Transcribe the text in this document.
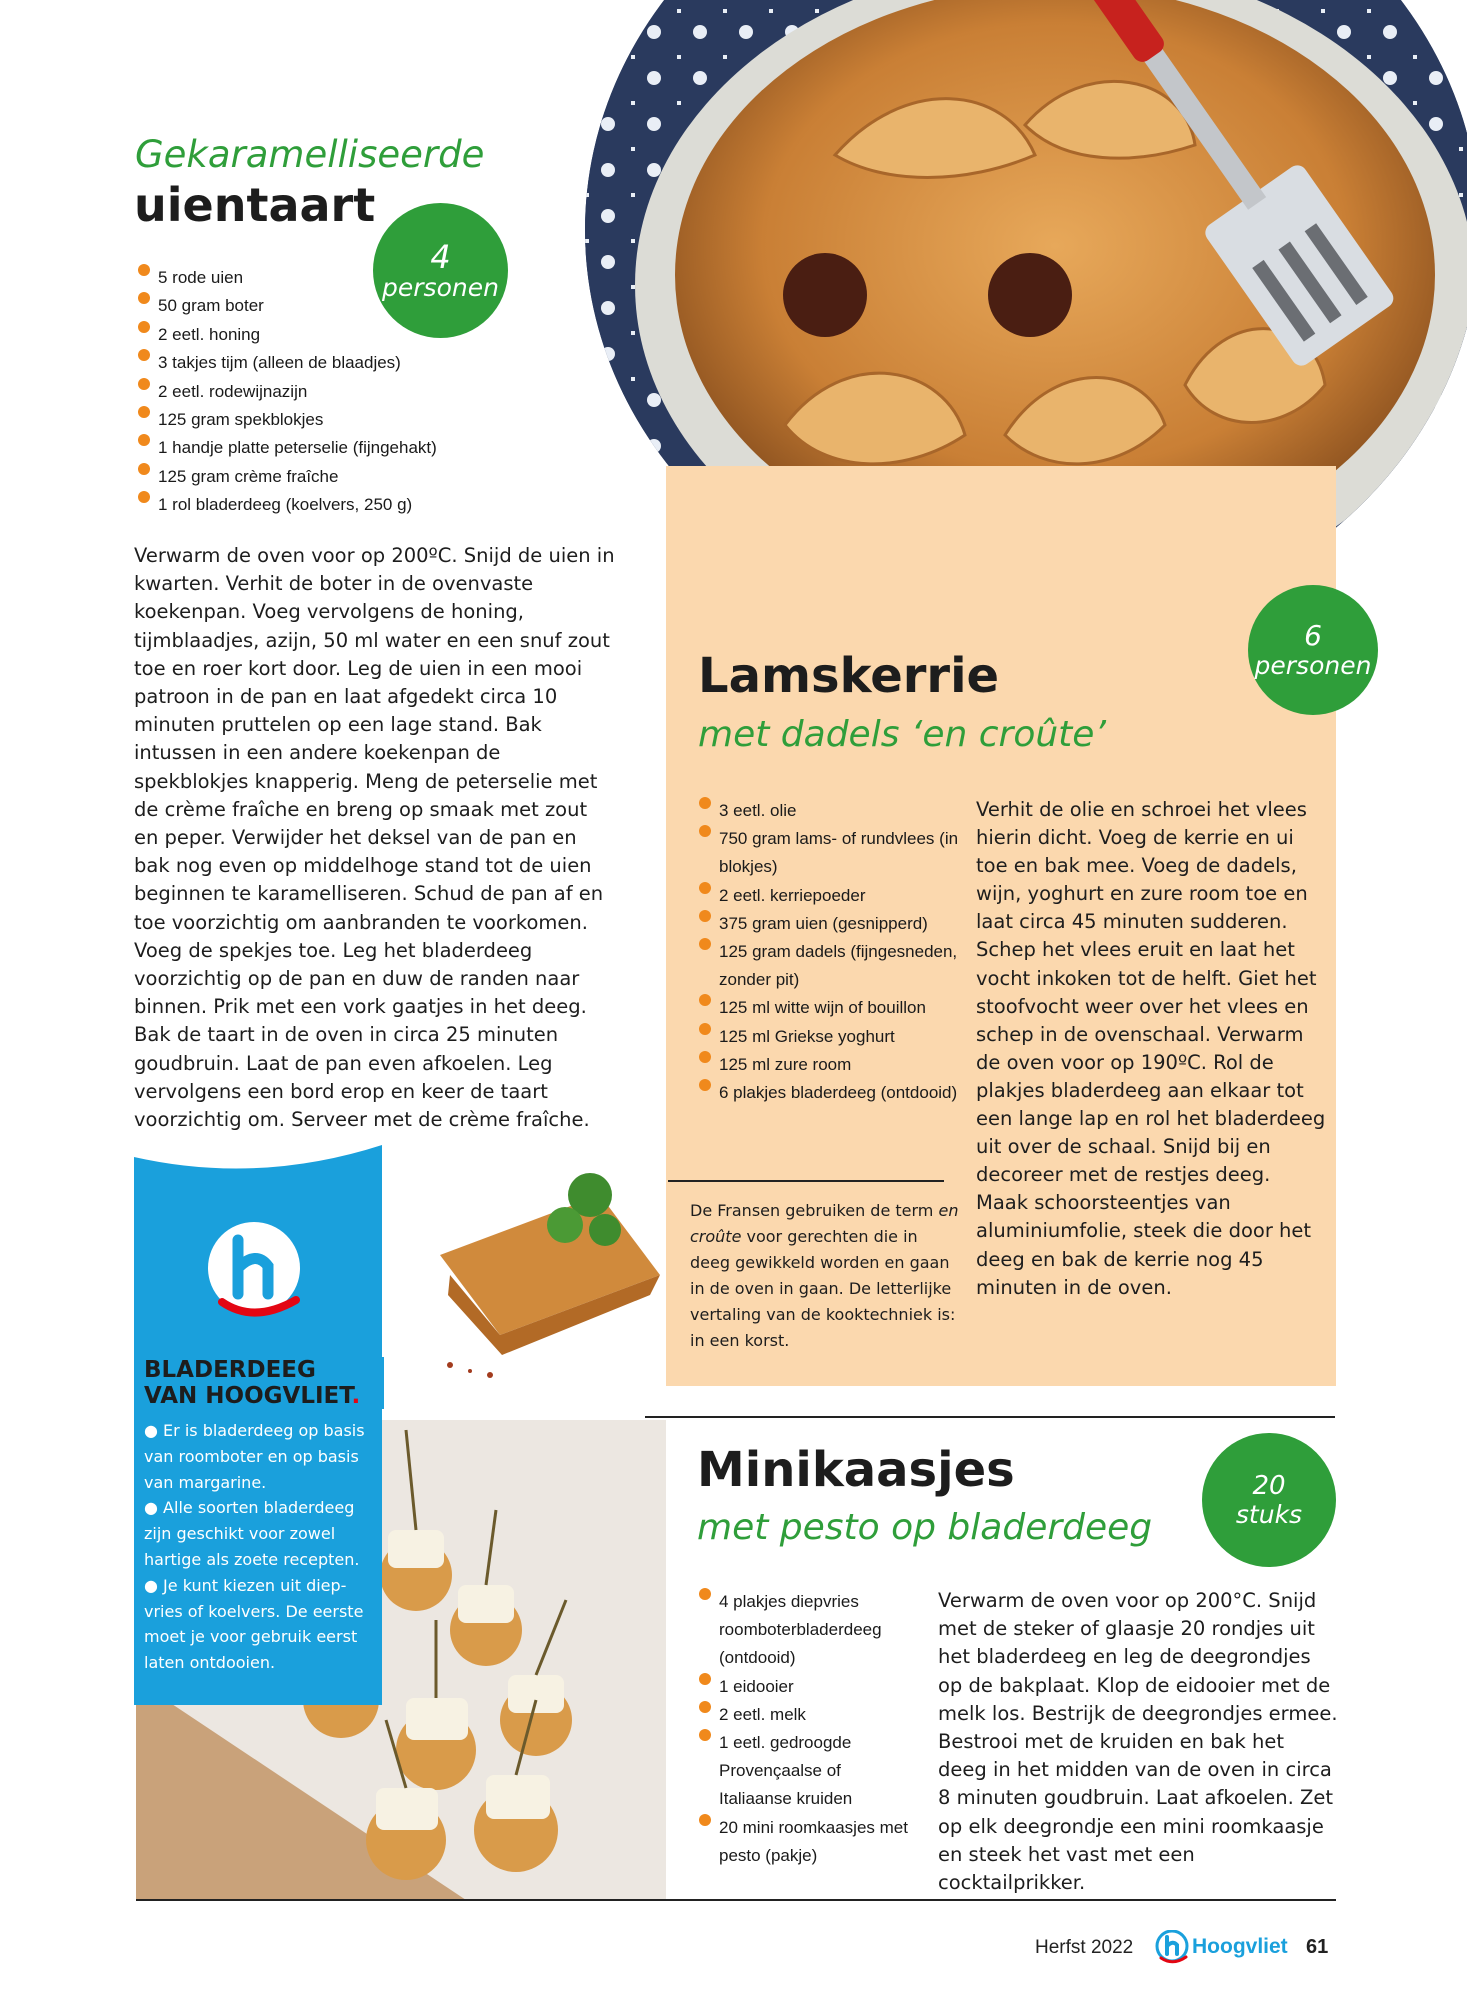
Gekaramelliseerde
uientaart
4
personen
5 rode uien
50 gram boter
2 eetl. honing
3 takjes tijm (alleen de blaadjes)
2 eetl. rodewijnazijn
125 gram spekblokjes
1 handje platte peterselie (fijngehakt)
125 gram crème fraîche
1 rol bladerdeeg (koelvers, 250 g)
Verwarm de oven voor op 200ºC. Snijd de uien in kwarten. Verhit de boter in de ovenvaste koekenpan. Voeg vervolgens de honing, tijmblaadjes, azijn, 50 ml water en een snuf zout toe en roer kort door. Leg de uien in een mooi patroon in de pan en laat afgedekt circa 10 minuten pruttelen op een lage stand. Bak intussen in een andere koekenpan de spekblokjes knapperig. Meng de peterselie met de crème fraîche en breng op smaak met zout en peper. Verwijder het deksel van de pan en bak nog even op middelhoge stand tot de uien beginnen te karamelliseren. Schud de pan af en toe voorzichtig om aanbranden te voorkomen. Voeg de spekjes toe. Leg het bladerdeeg voorzichtig op de pan en duw de randen naar binnen. Prik met een vork gaatjes in het deeg. Bak de taart in de oven in circa 25 minuten goudbruin. Laat de pan even afkoelen. Leg vervolgens een bord erop en keer de taart voorzichtig om. Serveer met de crème fraîche.
Lamskerrie
met dadels ‘en croûte’
6
personen
3 eetl. olie
750 gram lams- of rundvlees (in blokjes)
2 eetl. kerriepoeder
375 gram uien (gesnipperd)
125 gram dadels (fijngesneden, zonder pit)
125 ml witte wijn of bouillon
125 ml Griekse yoghurt
125 ml zure room
6 plakjes bladerdeeg (ontdooid)
De Fransen gebruiken de term en croûte voor gerechten die in deeg gewikkeld worden en gaan in de oven in gaan. De letterlijke vertaling van de kooktechniek is: in een korst.
Verhit de olie en schroei het vlees hierin dicht. Voeg de kerrie en ui toe en bak mee. Voeg de dadels, wijn, yoghurt en zure room toe en laat circa 45 minuten sudderen. Schep het vlees eruit en laat het vocht inkoken tot de helft. Giet het stoofvocht weer over het vlees en schep in de ovenschaal. Verwarm de oven voor op 190ºC. Rol de plakjes bladerdeeg aan elkaar tot een lange lap en rol het bladerdeeg uit over de schaal. Snijd bij en decoreer met de restjes deeg. Maak schoorsteentjes van aluminiumfolie, steek die door het deeg en bak de kerrie nog 45 minuten in de oven.
BLADERDEEG
VAN HOOGVLIET.
● Er is bladerdeeg op basis van roomboter en op basis van margarine.
● Alle soorten bladerdeeg zijn geschikt voor zowel hartige als zoete recepten.
● Je kunt kiezen uit diep-vries of koelvers. De eerste moet je voor gebruik eerst laten ontdooien.
Minikaasjes
met pesto op bladerdeeg
20
stuks
4 plakjes diepvries roomboterbladerdeeg (ontdooid)
1 eidooier
2 eetl. melk
1 eetl. gedroogde Provençaalse of Italiaanse kruiden
20 mini roomkaasjes met pesto (pakje)
Verwarm de oven voor op 200°C. Snijd met de steker of glaasje 20 rondjes uit het bladerdeeg en leg de deegrondjes op de bakplaat. Klop de eidooier met de melk los. Bestrijk de deegrondjes ermee. Bestrooi met de kruiden en bak het deeg in het midden van de oven in circa 8 minuten goudbruin. Laat afkoelen. Zet op elk deegrondje een mini roomkaasje en steek het vast met een cocktailprikker.
Herfst 2022	Hoogvliet 61
